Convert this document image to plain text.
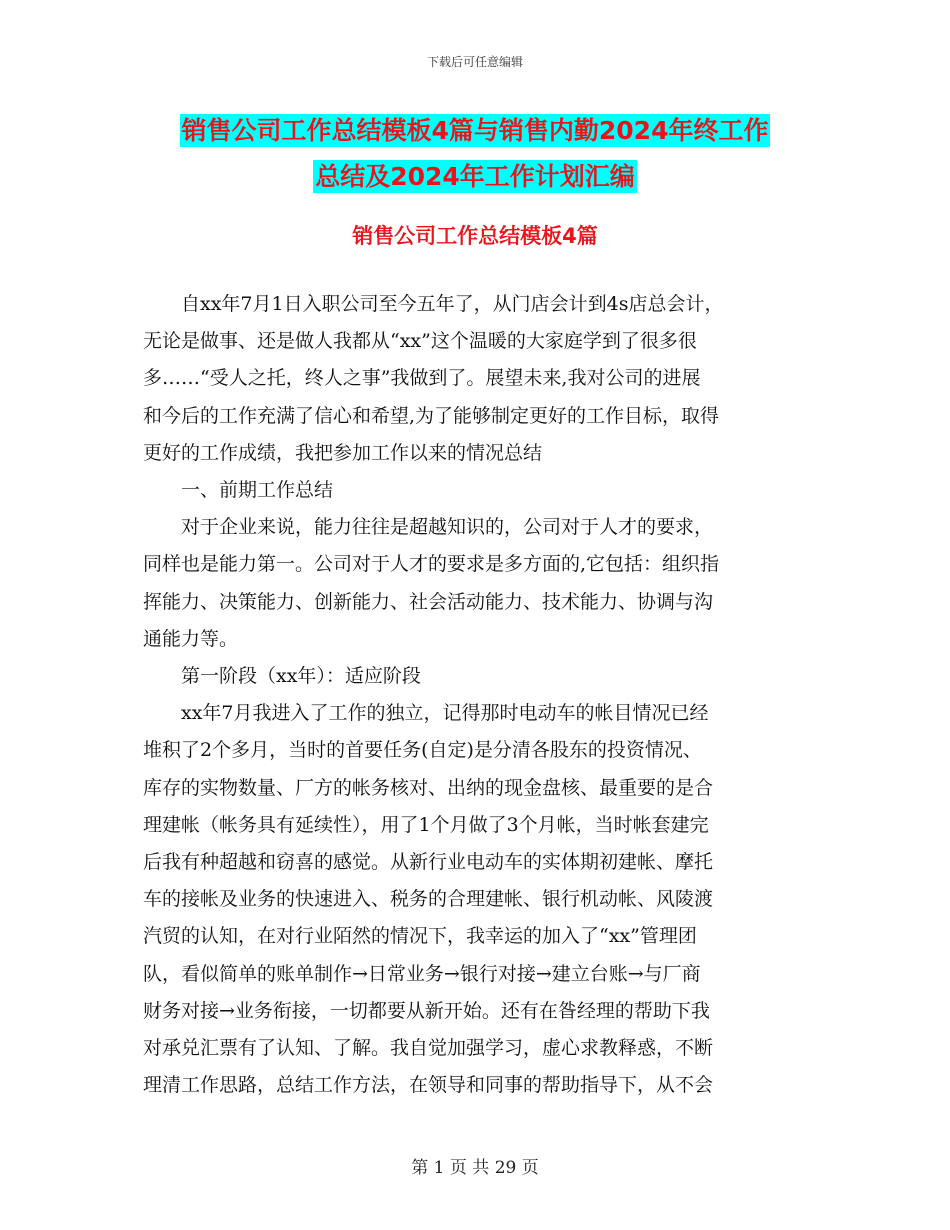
下载后可任意编辑
销售公司工作总结模板4篇与销售内勤2024年终工作
总结及2024年工作计划汇编
销售公司工作总结模板4篇

　　自xx年7月1日入职公司至今五年了，从门店会计到4s店总会计，
无论是做事、还是做人我都从“xx”这个温暖的大家庭学到了很多很
多……“受人之托，终人之事”我做到了。展望未来,我对公司的进展
和今后的工作充满了信心和希望,为了能够制定更好的工作目标，取得
更好的工作成绩，我把参加工作以来的情况总结
　　一、前期工作总结
　　对于企业来说，能力往往是超越知识的，公司对于人才的要求，
同样也是能力第一。公司对于人才的要求是多方面的,它包括：组织指
挥能力、决策能力、创新能力、社会活动能力、技术能力、协调与沟
通能力等。
　　第一阶段（xx年）：适应阶段
　　xx年7月我进入了工作的独立，记得那时电动车的帐目情况已经
堆积了2个多月，当时的首要任务(自定)是分清各股东的投资情况、
库存的实物数量、厂方的帐务核对、出纳的现金盘核、最重要的是合
理建帐（帐务具有延续性），用了1个月做了3个月帐，当时帐套建完
后我有种超越和窃喜的感觉。从新行业电动车的实体期初建帐、摩托
车的接帐及业务的快速进入、税务的合理建帐、银行机动帐、风陵渡
汽贸的认知，在对行业陌然的情况下，我幸运的加入了“xx”管理团
队，看似简单的账单制作→日常业务→银行对接→建立台账→与厂商
财务对接→业务衔接，一切都要从新开始。还有在昝经理的帮助下我
对承兑汇票有了认知、了解。我自觉加强学习，虚心求教释惑，不断
理清工作思路，总结工作方法，在领导和同事的帮助指导下，从不会

第 1 页 共 29 页
